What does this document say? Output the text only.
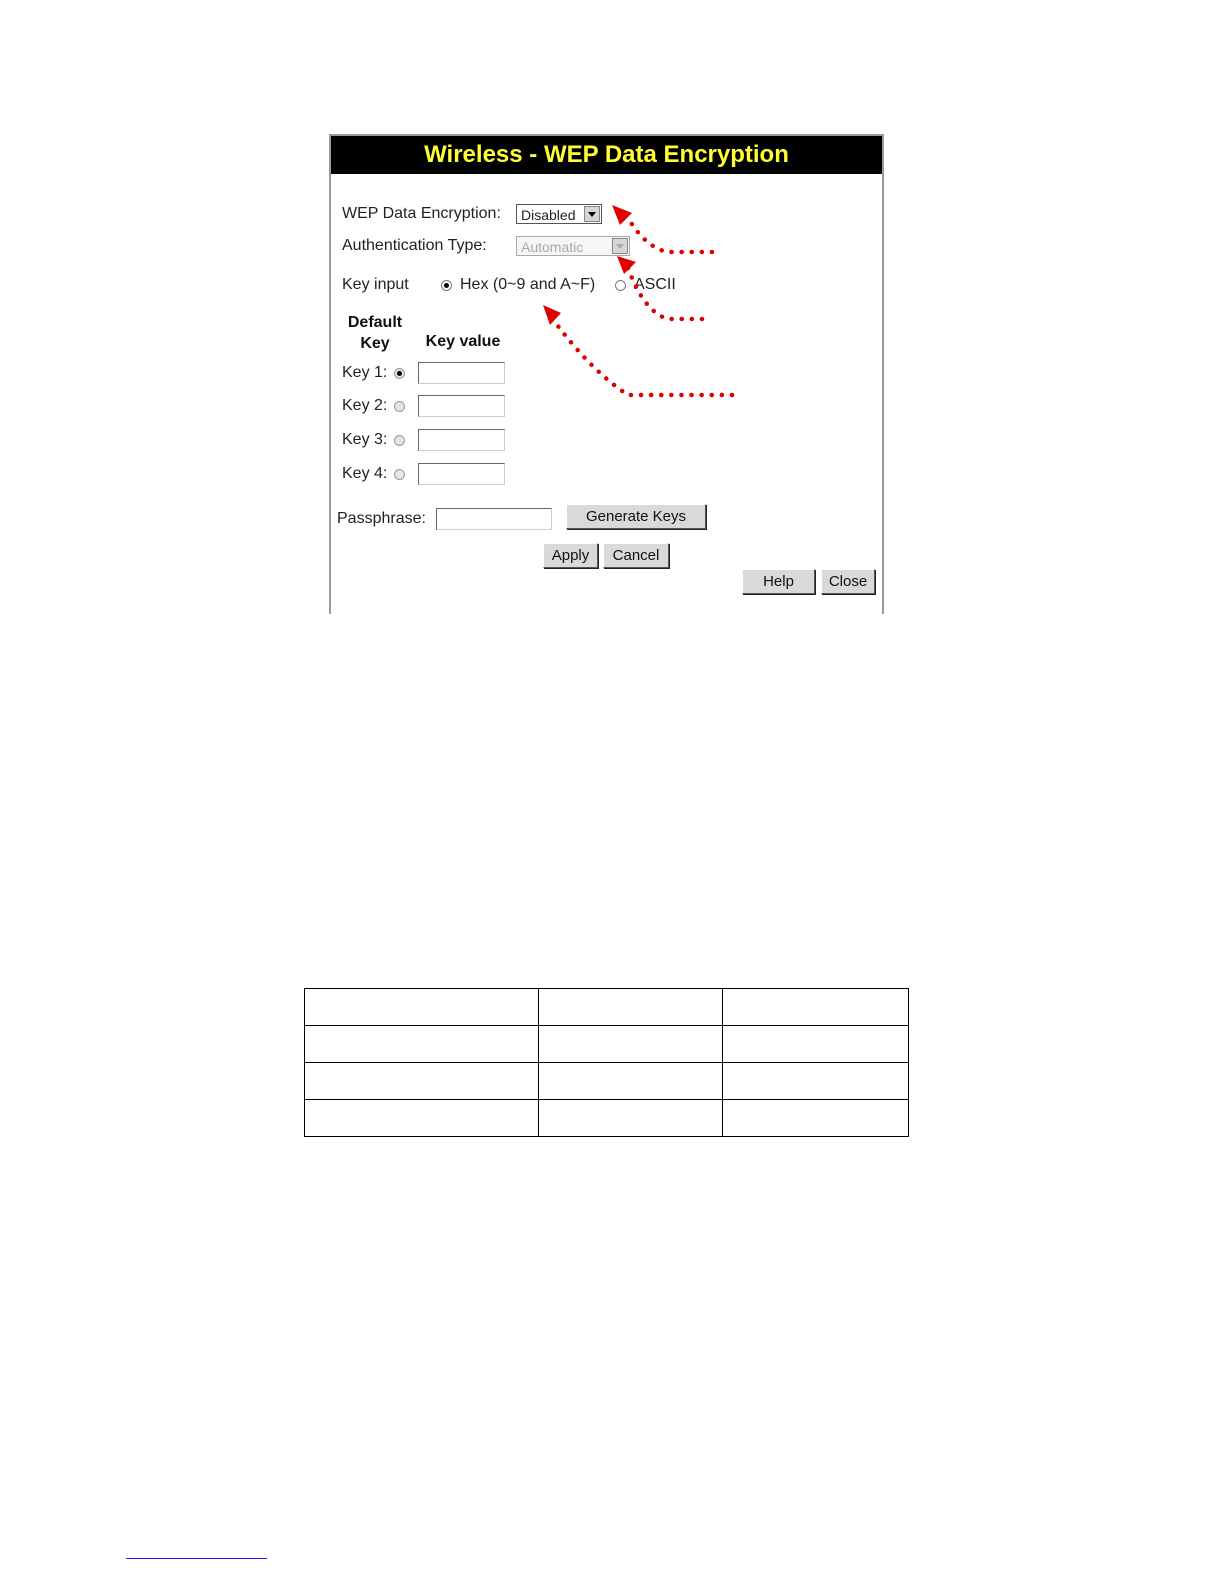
Wireless - WEP Data Encryption
WEP Data Encryption:	Disabled
Authentication Type:	Automatic
Key input	Hex (0~9 and A~F) ASCII
Default Key	Key value
Key 1:
Key 2:
Key 3:
Key 4:
Passphrase:	Generate Keys
Apply	Cancel
Help	Close
